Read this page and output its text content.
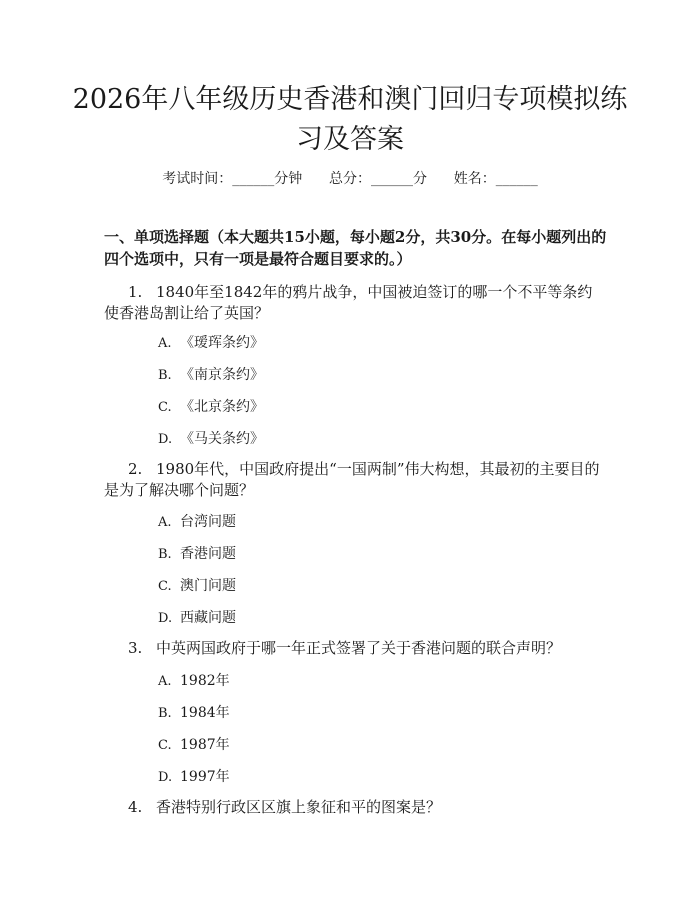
2026年八年级历史香港和澳门回归专项模拟练习及答案
考试时间：______分钟      总分：______分      姓名：______

一、单项选择题（本大题共15小题，每小题2分，共30分。在每小题列出的四个选项中，只有一项是最符合题目要求的。）

1. 1840年至1842年的鸦片战争，中国被迫签订的哪一个不平等条约使香港岛割让给了英国？
A. 《瑷珲条约》
B. 《南京条约》
C. 《北京条约》
D. 《马关条约》
2. 1980年代，中国政府提出“一国两制”伟大构想，其最初的主要目的是为了解决哪个问题？
A. 台湾问题
B. 香港问题
C. 澳门问题
D. 西藏问题
3. 中英两国政府于哪一年正式签署了关于香港问题的联合声明？
A. 1982年
B. 1984年
C. 1987年
D. 1997年
4. 香港特别行政区区旗上象征和平的图案是？
